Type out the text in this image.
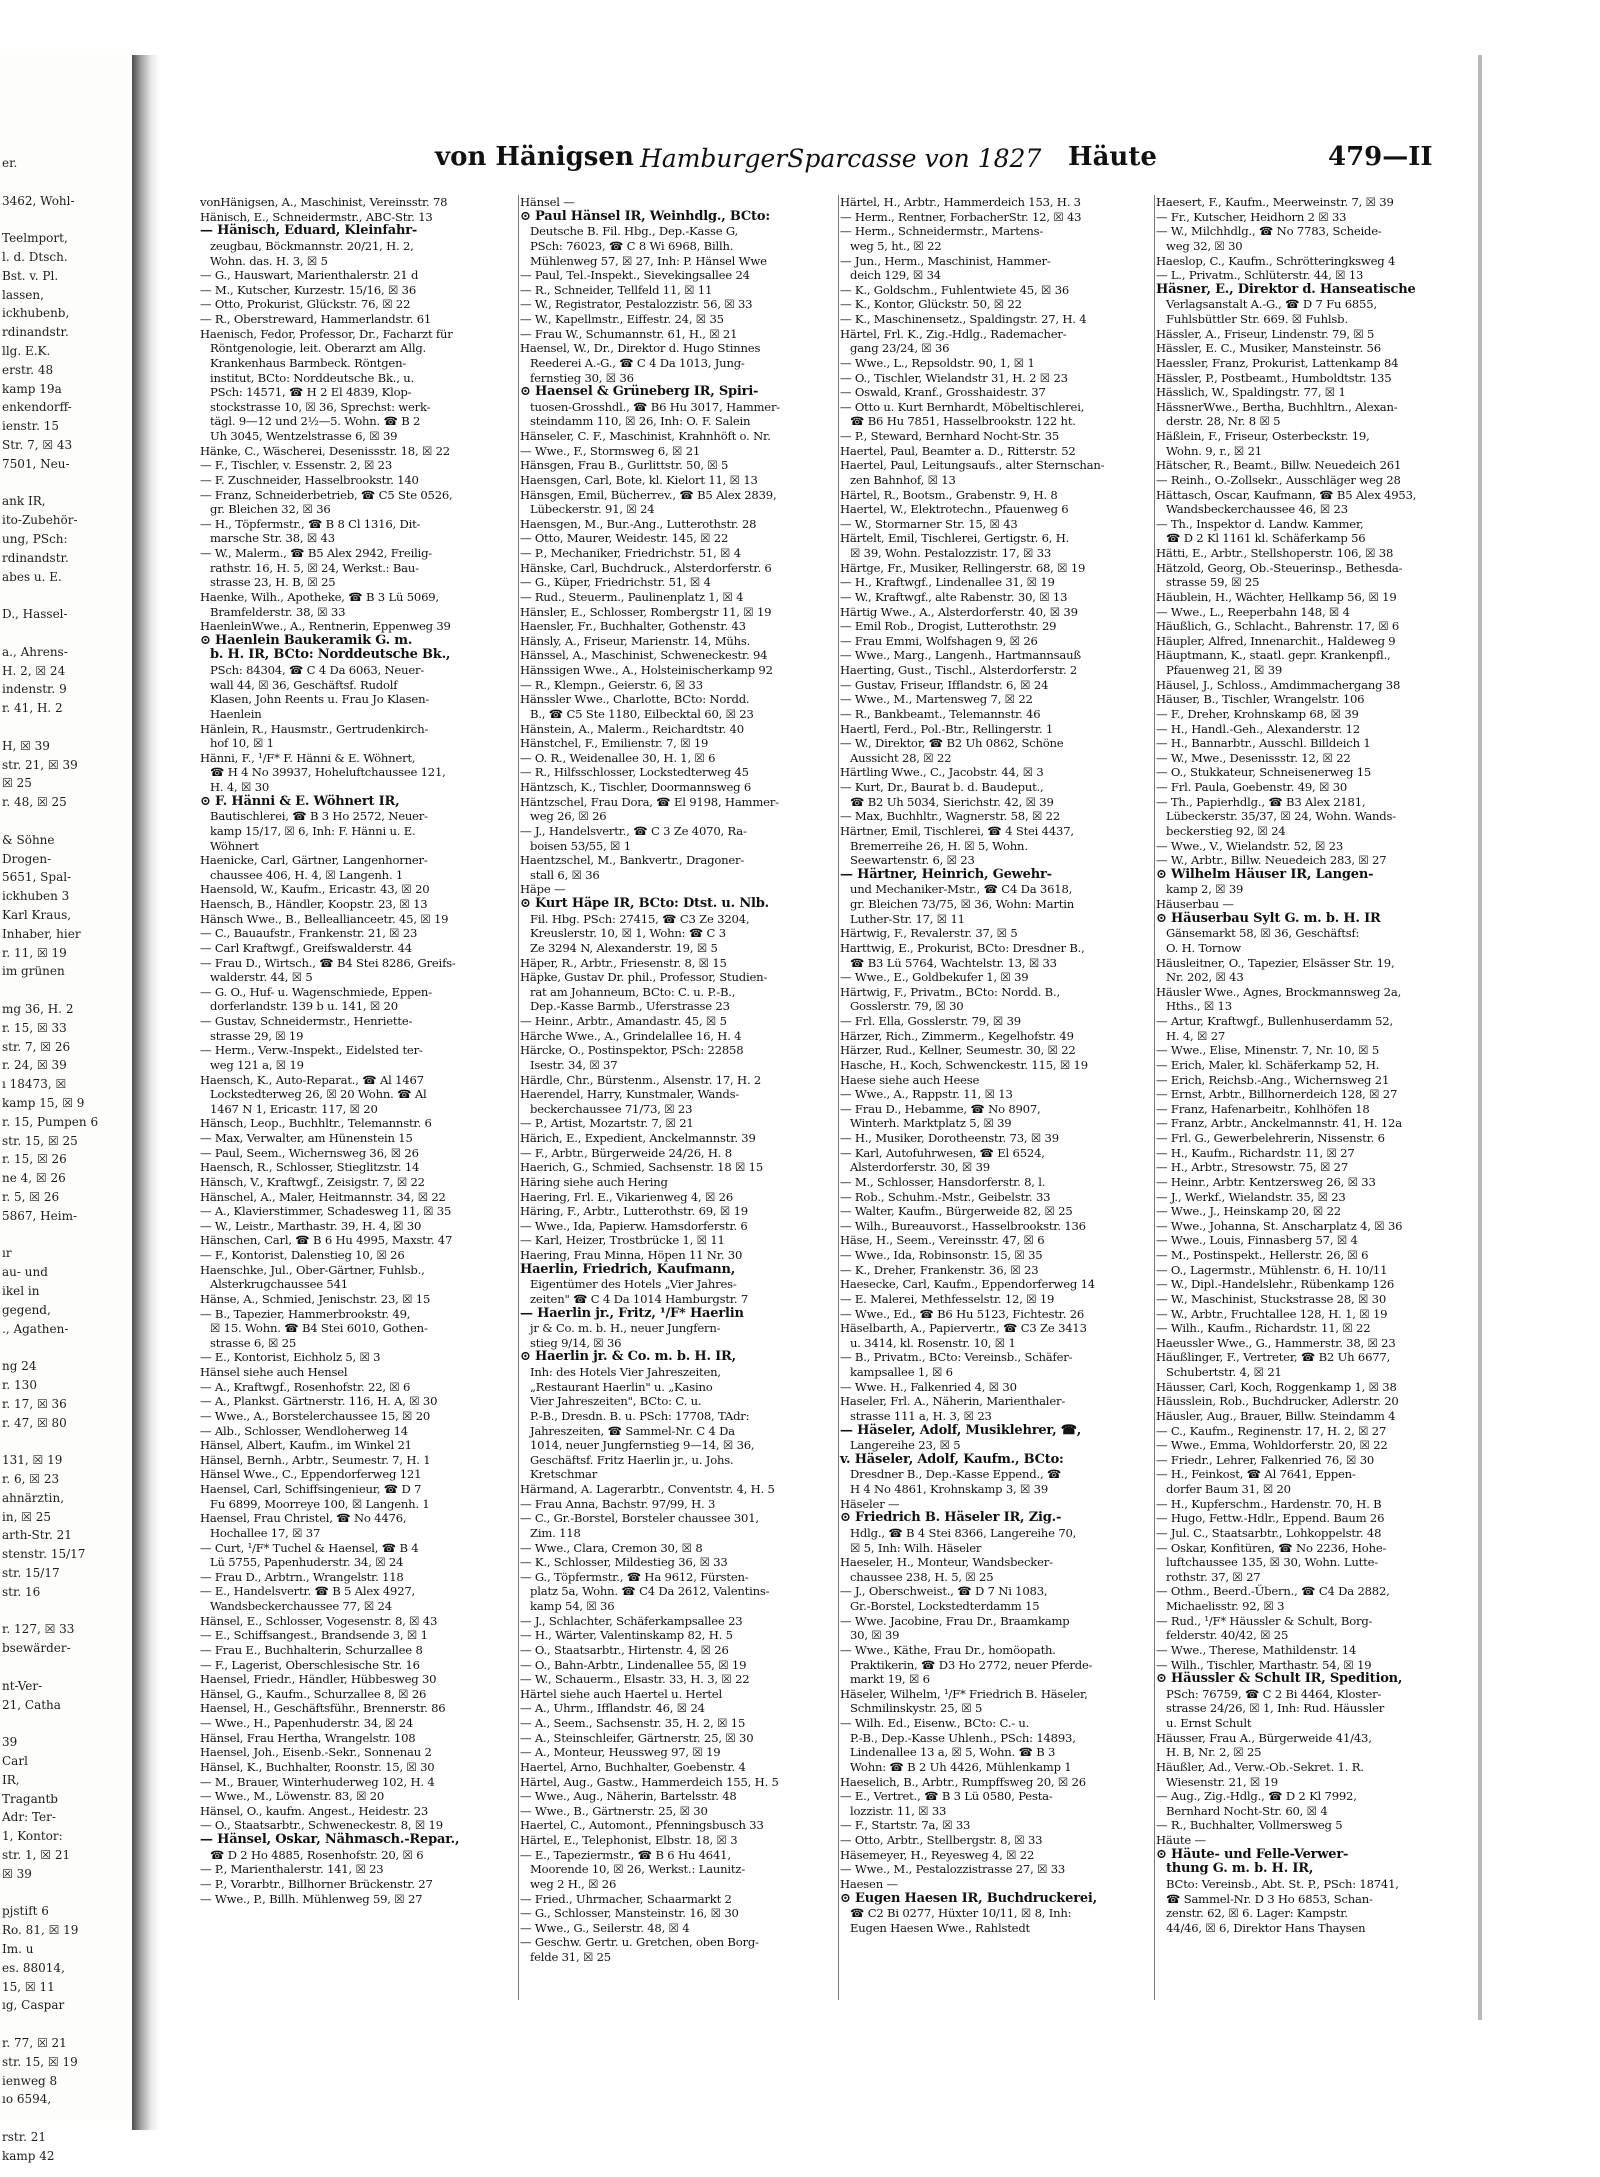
er.
3462, Wohl-
Teelmport,
l. d. Dtsch.
Bst. v. Pl.
lassen,
ickhubenb,
rdinandstr.
llg. E.K.
erstr. 48
kamp 19a
enkendorff-
ienstr. 15
Str. 7, ☒ 43
7501, Neu-
ank IR,
ito-Zubehör-
ung, PSch:
rdinandstr.
abes u. E.
D., Hassel-
a., Ahrens-
H. 2, ☒ 24
indenstr. 9
r. 41, H. 2
H, ☒ 39
str. 21, ☒ 39
☒ 25
r. 48, ☒ 25
& Söhne
Drogen-
5651, Spal-
ickhuben 3
Karl Kraus,
Inhaber, hier
r. 11, ☒ 19
im grünen
mg 36, H. 2
r. 15, ☒ 33
str. 7, ☒ 26
r. 24, ☒ 39
ı 18473, ☒
kamp 15, ☒ 9
r. 15, Pumpen 6
str. 15, ☒ 25
r. 15, ☒ 26
ne 4, ☒ 26
r. 5, ☒ 26
5867, Heim-
ır
au- und
ikel in
gegend,
., Agathen-
ng 24
r. 130
r. 17, ☒ 36
r. 47, ☒ 80
131, ☒ 19
r. 6, ☒ 23
ahnärztin,
in, ☒ 25
arth-Str. 21
stenstr. 15/17
str. 15/17
str. 16
r. 127, ☒ 33
bsewärder-
nt-Ver-
21, Catha
39
Carl
IR,
Tragantb
Adr: Ter-
1, Kontor:
str. 1, ☒ 21
☒ 39
pjstift 6
Ro. 81, ☒ 19
Im. u
es. 88014,
15, ☒ 11
ıg, Caspar
r. 77, ☒ 21
str. 15, ☒ 19
ienweg 8
ıo 6594,
rstr. 21
kamp 42
von Hänigsen HamburgerSparcasse von 1827 Häute	479—II
vonHänigsen, A., Maschinist, Vereinsstr. 78
Hänisch, E., Schneidermstr., ABC-Str. 13
— Hänisch, Eduard, Kleinfahr-
zeugbau, Böckmannstr. 20/21, H. 2,
Wohn. das. H. 3, ☒ 5
— G., Hauswart, Marienthalerstr. 21 d
— M., Kutscher, Kurzestr. 15/16, ☒ 36
— Otto, Prokurist, Glückstr. 76, ☒ 22
— R., Oberstreward, Hammerlandstr. 61
Haenisch, Fedor, Professor, Dr., Facharzt für
Röntgenologie, leit. Oberarzt am Allg.
Krankenhaus Barmbeck. Röntgen-
institut, BCto: Norddeutsche Bk., u.
PSch: 14571, ☎ H 2 El 4839, Klop-
stockstrasse 10, ☒ 36, Sprechst: werk-
tägl. 9—12 und 2½—5. Wohn. ☎ B 2
Uh 3045, Wentzelstrasse 6, ☒ 39
Hänke, C., Wäscherei, Desenissstr. 18, ☒ 22
— F., Tischler, v. Essenstr. 2, ☒ 23
— F. Zuschneider, Hasselbrookstr. 140
— Franz, Schneiderbetrieb, ☎ C5 Ste 0526,
gr. Bleichen 32, ☒ 36
— H., Töpfermstr., ☎ B 8 Cl 1316, Dit-
marsche Str. 38, ☒ 43
— W., Malerm., ☎ B5 Alex 2942, Freilig-
rathstr. 16, H. 5, ☒ 24, Werkst.: Bau-
strasse 23, H. B, ☒ 25
Haenke, Wilh., Apotheke, ☎ B 3 Lü 5069,
Bramfelderstr. 38, ☒ 33
HaenleinWwe., A., Rentnerin, Eppenweg 39
⊙ Haenlein Baukeramik G. m.
b. H. IR, BCto: Norddeutsche Bk.,
PSch: 84304, ☎ C 4 Da 6063, Neuer-
wall 44, ☒ 36, Geschäftsf. Rudolf
Klasen, John Reents u. Frau Jo Klasen-
Haenlein
Hänlein, R., Hausmstr., Gertrudenkirch-
hof 10, ☒ 1
Hänni, F., ¹/F* F. Hänni & E. Wöhnert,
☎ H 4 No 39937, Hoheluftchaussee 121,
H. 4, ☒ 30
⊙ F. Hänni & E. Wöhnert IR,
Bautischlerei, ☎ B 3 Ho 2572, Neuer-
kamp 15/17, ☒ 6, Inh: F. Hänni u. E.
Wöhnert
Haenicke, Carl, Gärtner, Langenhorner-
chaussee 406, H. 4, ☒ Langenh. 1
Haensold, W., Kaufm., Ericastr. 43, ☒ 20
Haensch, B., Händler, Koopstr. 23, ☒ 13
Hänsch Wwe., B., Belleallianceetr. 45, ☒ 19
— C., Bauaufstr., Frankenstr. 21, ☒ 23
— Carl Kraftwgf., Greifswalderstr. 44
— Frau D., Wirtsch., ☎ B4 Stei 8286, Greifs-
walderstr. 44, ☒ 5
— G. O., Huf- u. Wagenschmiede, Eppen-
dorferlandstr. 139 b u. 141, ☒ 20
— Gustav, Schneidermstr., Henriette-
strasse 29, ☒ 19
— Herm., Verw.-Inspekt., Eidelsted ter-
weg 121 a, ☒ 19
Haensch, K., Auto-Reparat., ☎ Al 1467
Lockstedterweg 26, ☒ 20 Wohn. ☎ Al
1467 N 1, Ericastr. 117, ☒ 20
Hänsch, Leop., Buchhltr., Telemannstr. 6
— Max, Verwalter, am Hünenstein 15
— Paul, Seem., Wichernsweg 36, ☒ 26
Haensch, R., Schlosser, Stieglitzstr. 14
Hänsch, V., Kraftwgf., Zeisigstr. 7, ☒ 22
Hänschel, A., Maler, Heitmannstr. 34, ☒ 22
— A., Klavierstimmer, Schadesweg 11, ☒ 35
— W., Leistr., Marthastr. 39, H. 4, ☒ 30
Hänschen, Carl, ☎ B 6 Hu 4995, Maxstr. 47
— F., Kontorist, Dalenstieg 10, ☒ 26
Haenschke, Jul., Ober-Gärtner, Fuhlsb.,
Alsterkrugchaussee 541
Hänse, A., Schmied, Jenischstr. 23, ☒ 15
— B., Tapezier, Hammerbrookstr. 49,
☒ 15. Wohn. ☎ B4 Stei 6010, Gothen-
strasse 6, ☒ 25
— E., Kontorist, Eichholz 5, ☒ 3
Hänsel siehe auch Hensel
— A., Kraftwgf., Rosenhofstr. 22, ☒ 6
— A., Plankst. Gärtnerstr. 116, H. A, ☒ 30
— Wwe., A., Borstelerchaussee 15, ☒ 20
— Alb., Schlosser, Wendloherweg 14
Hänsel, Albert, Kaufm., im Winkel 21
Hänsel, Bernh., Arbtr., Seumestr. 7, H. 1
Hänsel Wwe., C., Eppendorferweg 121
Haensel, Carl, Schiffsingenieur, ☎ D 7
Fu 6899, Moorreye 100, ☒ Langenh. 1
Haensel, Frau Christel, ☎ No 4476,
Hochallee 17, ☒ 37
— Curt, ¹/F* Tuchel & Haensel, ☎ B 4
Lü 5755, Papenhuderstr. 34, ☒ 24
— Frau D., Arbtrn., Wrangelstr. 118
— E., Handelsvertr. ☎ B 5 Alex 4927,
Wandsbeckerchaussee 77, ☒ 24
Hänsel, E., Schlosser, Vogesenstr. 8, ☒ 43
— E., Schiffsangest., Brandsende 3, ☒ 1
— Frau E., Buchhalterin, Schurzallee 8
— F., Lagerist, Oberschlesische Str. 16
Haensel, Friedr., Händler, Hübbesweg 30
Hänsel, G., Kaufm., Schurzallee 8, ☒ 26
Haensel, H., Geschäftsführ., Brennerstr. 86
— Wwe., H., Papenhuderstr. 34, ☒ 24
Hänsel, Frau Hertha, Wrangelstr. 108
Haensel, Joh., Eisenb.-Sekr., Sonnenau 2
Hänsel, K., Buchhalter, Roonstr. 15, ☒ 30
— M., Brauer, Winterhuderweg 102, H. 4
— Wwe., M., Löwenstr. 83, ☒ 20
Hänsel, O., kaufm. Angest., Heidestr. 23
— O., Staatsarbtr., Schweneckestr. 8, ☒ 19
— Hänsel, Oskar, Nähmasch.-Repar.,
☎ D 2 Ho 4885, Rosenhofstr. 20, ☒ 6
— P., Marienthalerstr. 141, ☒ 23
— P., Vorarbtr., Billhorner Brückenstr. 27
— Wwe., P., Billh. Mühlenweg 59, ☒ 27
Hänsel —
⊙ Paul Hänsel IR, Weinhdlg., BCto:
Deutsche B. Fil. Hbg., Dep.-Kasse G,
PSch: 76023, ☎ C 8 Wi 6968, Billh.
Mühlenweg 57, ☒ 27, Inh: P. Hänsel Wwe
— Paul, Tel.-Inspekt., Sievekingsallee 24
— R., Schneider, Tellfeld 11, ☒ 11
— W., Registrator, Pestalozzistr. 56, ☒ 33
— W., Kapellmstr., Eiffestr. 24, ☒ 35
— Frau W., Schumannstr. 61, H., ☒ 21
Haensel, W., Dr., Direktor d. Hugo Stinnes
Reederei A.-G., ☎ C 4 Da 1013, Jung-
fernstieg 30, ☒ 36
⊙ Haensel & Grüneberg IR, Spiri-
tuosen-Grosshdl., ☎ B6 Hu 3017, Hammer-
steindamm 110, ☒ 26, Inh: O. F. Salein
Hänseler, C. F., Maschinist, Krahnhöft o. Nr.
— Wwe., F., Stormsweg 6, ☒ 21
Hänsgen, Frau B., Gurlittstr. 50, ☒ 5
Haensgen, Carl, Bote, kl. Kielort 11, ☒ 13
Hänsgen, Emil, Bücherrev., ☎ B5 Alex 2839,
Lübeckerstr. 91, ☒ 24
Haensgen, M., Bur.-Ang., Lutterothstr. 28
— Otto, Maurer, Weidestr. 145, ☒ 22
— P., Mechaniker, Friedrichstr. 51, ☒ 4
Hänske, Carl, Buchdruck., Alsterdorferstr. 6
— G., Küper, Friedrichstr. 51, ☒ 4
— Rud., Steuerm., Paulinenplatz 1, ☒ 4
Hänsler, E., Schlosser, Rombergstr 11, ☒ 19
Haensler, Fr., Buchhalter, Gothenstr. 43
Hänsly, A., Friseur, Marienstr. 14, Mühs.
Hänssel, A., Maschinist, Schweneckestr. 94
Hänssigen Wwe., A., Holsteinischerkamp 92
— R., Klempn., Geierstr. 6, ☒ 33
Hänssler Wwe., Charlotte, BCto: Nordd.
B., ☎ C5 Ste 1180, Eilbecktal 60, ☒ 23
Hänstein, A., Malerm., Reichardtstr. 40
Hänstchel, F., Emilienstr. 7, ☒ 19
— O. R., Weidenallee 30, H. 1, ☒ 6
— R., Hilfsschlosser, Lockstedterweg 45
Häntzsch, K., Tischler, Doormannsweg 6
Häntzschel, Frau Dora, ☎ El 9198, Hammer-
weg 26, ☒ 26
— J., Handelsvertr., ☎ C 3 Ze 4070, Ra-
boisen 53/55, ☒ 1
Haentzschel, M., Bankvertr., Dragoner-
stall 6, ☒ 36
Häpe —
⊙ Kurt Häpe IR, BCto: Dtst. u. Nlb.
Fil. Hbg. PSch: 27415, ☎ C3 Ze 3204,
Kreuslerstr. 10, ☒ 1, Wohn: ☎ C 3
Ze 3294 N, Alexanderstr. 19, ☒ 5
Häper, R., Arbtr., Friesenstr. 8, ☒ 15
Häpke, Gustav Dr. phil., Professor, Studien-
rat am Johanneum, BCto: C. u. P.-B.,
Dep.-Kasse Barmb., Uferstrasse 23
— Heinr., Arbtr., Amandastr. 45, ☒ 5
Härche Wwe., A., Grindelallee 16, H. 4
Härcke, O., Postinspektor, PSch: 22858
Isestr. 34, ☒ 37
Härdle, Chr., Bürstenm., Alsenstr. 17, H. 2
Haerendel, Harry, Kunstmaler, Wands-
beckerchaussee 71/73, ☒ 23
— P., Artist, Mozartstr. 7, ☒ 21
Härich, E., Expedient, Anckelmannstr. 39
— F., Arbtr., Bürgerweide 24/26, H. 8
Haerich, G., Schmied, Sachsenstr. 18 ☒ 15
Häring siehe auch Hering
Haering, Frl. E., Vikarienweg 4, ☒ 26
Häring, F., Arbtr., Lutterothstr. 69, ☒ 19
— Wwe., Ida, Papierw. Hamsdorferstr. 6
— Karl, Heizer, Trostbrücke 1, ☒ 11
Haering, Frau Minna, Höpen 11 Nr. 30
Haerlin, Friedrich, Kaufmann,
Eigentümer des Hotels „Vier Jahres-
zeiten" ☎ C 4 Da 1014 Hamburgstr. 7
— Haerlin jr., Fritz, ¹/F* Haerlin
jr & Co. m. b. H., neuer Jungfern-
stieg 9/14, ☒ 36
⊙ Haerlin jr. & Co. m. b. H. IR,
Inh: des Hotels Vier Jahreszeiten,
„Restaurant Haerlin" u. „Kasino
Vier Jahreszeiten", BCto: C. u.
P.-B., Dresdn. B. u. PSch: 17708, TAdr:
Jahreszeiten, ☎ Sammel-Nr. C 4 Da
1014, neuer Jungfernstieg 9—14, ☒ 36,
Geschäftsf. Fritz Haerlin jr., u. Johs.
Kretschmar
Härmand, A. Lagerarbtr., Conventstr. 4, H. 5
— Frau Anna, Bachstr. 97/99, H. 3
— C., Gr.-Borstel, Borsteler chaussee 301,
Zim. 118
— Wwe., Clara, Cremon 30, ☒ 8
— K., Schlosser, Mildestieg 36, ☒ 33
— G., Töpfermstr., ☎ Ha 9612, Fürsten-
platz 5a, Wohn. ☎ C4 Da 2612, Valentins-
kamp 54, ☒ 36
— J., Schlachter, Schäferkampsallee 23
— H., Wärter, Valentinskamp 82, H. 5
— O., Staatsarbtr., Hirtenstr. 4, ☒ 26
— O., Bahn-Arbtr., Lindenallee 55, ☒ 19
— W., Schauerm., Elsastr. 33, H. 3, ☒ 22
Härtel siehe auch Haertel u. Hertel
— A., Uhrm., Ifflandstr. 46, ☒ 24
— A., Seem., Sachsenstr. 35, H. 2, ☒ 15
— A., Steinschleifer, Gärtnerstr. 25, ☒ 30
— A., Monteur, Heussweg 97, ☒ 19
Haertel, Arno, Buchhalter, Goebenstr. 4
Härtel, Aug., Gastw., Hammerdeich 155, H. 5
— Wwe., Aug., Näherin, Bartelsstr. 48
— Wwe., B., Gärtnerstr. 25, ☒ 30
Haertel, C., Automont., Pfenningsbusch 33
Härtel, E., Telephonist, Elbstr. 18, ☒ 3
— E., Tapeziermstr., ☎ B 6 Hu 4641,
Moorende 10, ☒ 26, Werkst.: Launitz-
weg 2 H., ☒ 26
— Fried., Uhrmacher, Schaarmarkt 2
— G., Schlosser, Mansteinstr. 16, ☒ 30
— Wwe., G., Seilerstr. 48, ☒ 4
— Geschw. Gertr. u. Gretchen, oben Borg-
felde 31, ☒ 25
Härtel, H., Arbtr., Hammerdeich 153, H. 3
— Herm., Rentner, ForbacherStr. 12, ☒ 43
— Herm., Schneidermstr., Martens-
weg 5, ht., ☒ 22
— Jun., Herm., Maschinist, Hammer-
deich 129, ☒ 34
— K., Goldschm., Fuhlentwiete 45, ☒ 36
— K., Kontor, Glückstr. 50, ☒ 22
— K., Maschinensetz., Spaldingstr. 27, H. 4
Härtel, Frl. K., Zig.-Hdlg., Rademacher-
gang 23/24, ☒ 36
— Wwe., L., Repsoldstr. 90, 1, ☒ 1
— O., Tischler, Wielandstr 31, H. 2 ☒ 23
— Oswald, Kranf., Grosshaidestr. 37
— Otto u. Kurt Bernhardt, Möbeltischlerei,
☎ B6 Hu 7851, Hasselbrookstr. 122 ht.
— P., Steward, Bernhard Nocht-Str. 35
Haertel, Paul, Beamter a. D., Ritterstr. 52
Haertel, Paul, Leitungsaufs., alter Sternschan-
zen Bahnhof, ☒ 13
Härtel, R., Bootsm., Grabenstr. 9, H. 8
Haertel, W., Elektrotechn., Pfauenweg 6
— W., Stormarner Str. 15, ☒ 43
Härtelt, Emil, Tischlerei, Gertigstr. 6, H.
☒ 39, Wohn. Pestalozzistr. 17, ☒ 33
Härtge, Fr., Musiker, Rellingerstr. 68, ☒ 19
— H., Kraftwgf., Lindenallee 31, ☒ 19
— W., Kraftwgf., alte Rabenstr. 30, ☒ 13
Härtig Wwe., A., Alsterdorferstr. 40, ☒ 39
— Emil Rob., Drogist, Lutterothstr. 29
— Frau Emmi, Wolfshagen 9, ☒ 26
— Wwe., Marg., Langenh., Hartmannsauß
Haerting, Gust., Tischl., Alsterdorferstr. 2
— Gustav, Friseur, Ifflandstr. 6, ☒ 24
— Wwe., M., Martensweg 7, ☒ 22
— R., Bankbeamt., Telemannstr. 46
Haertl, Ferd., Pol.-Btr., Rellingerstr. 1
— W., Direktor, ☎ B2 Uh 0862, Schöne
Aussicht 28, ☒ 22
Härtling Wwe., C., Jacobstr. 44, ☒ 3
— Kurt, Dr., Baurat b. d. Baudeput.,
☎ B2 Uh 5034, Sierichstr. 42, ☒ 39
— Max, Buchhltr., Wagnerstr. 58, ☒ 22
Härtner, Emil, Tischlerei, ☎ 4 Stei 4437,
Bremerreihe 26, H. ☒ 5, Wohn.
Seewartenstr. 6, ☒ 23
— Härtner, Heinrich, Gewehr-
und Mechaniker-Mstr., ☎ C4 Da 3618,
gr. Bleichen 73/75, ☒ 36, Wohn: Martin
Luther-Str. 17, ☒ 11
Härtwig, F., Revalerstr. 37, ☒ 5
Harttwig, E., Prokurist, BCto: Dresdner B.,
☎ B3 Lü 5764, Wachtelstr. 13, ☒ 33
— Wwe., E., Goldbekufer 1, ☒ 39
Härtwig, F., Privatm., BCto: Nordd. B.,
Gosslerstr. 79, ☒ 30
— Frl. Ella, Gosslerstr. 79, ☒ 39
Härzer, Rich., Zimmerm., Kegelhofstr. 49
Härzer, Rud., Kellner, Seumestr. 30, ☒ 22
Hasche, H., Koch, Schwenckestr. 115, ☒ 19
Haese siehe auch Heese
— Wwe., A., Rappstr. 11, ☒ 13
— Frau D., Hebamme, ☎ No 8907,
Winterh. Marktplatz 5, ☒ 39
— H., Musiker, Dorotheenstr. 73, ☒ 39
— Karl, Autofuhrwesen, ☎ El 6524,
Alsterdorferstr. 30, ☒ 39
— M., Schlosser, Hansdorferstr. 8, l.
— Rob., Schuhm.-Mstr., Geibelstr. 33
— Walter, Kaufm., Bürgerweide 82, ☒ 25
— Wilh., Bureauvorst., Hasselbrookstr. 136
Häse, H., Seem., Vereinsstr. 47, ☒ 6
— Wwe., Ida, Robinsonstr. 15, ☒ 35
— K., Dreher, Frankenstr. 36, ☒ 23
Haesecke, Carl, Kaufm., Eppendorferweg 14
— E. Malerei, Methfesselstr. 12, ☒ 19
— Wwe., Ed., ☎ B6 Hu 5123, Fichtestr. 26
Häselbarth, A., Papiervertr., ☎ C3 Ze 3413
u. 3414, kl. Rosenstr. 10, ☒ 1
— B., Privatm., BCto: Vereinsb., Schäfer-
kampsallee 1, ☒ 6
— Wwe. H., Falkenried 4, ☒ 30
Haseler, Frl. A., Näherin, Marienthaler-
strasse 111 a, H. 3, ☒ 23
— Häseler, Adolf, Musiklehrer, ☎,
Langereihe 23, ☒ 5
v. Häseler, Adolf, Kaufm., BCto:
Dresdner B., Dep.-Kasse Eppend., ☎
H 4 No 4861, Krohnskamp 3, ☒ 39
Häseler —
⊙ Friedrich B. Häseler IR, Zig.-
Hdlg., ☎ B 4 Stei 8366, Langereihe 70,
☒ 5, Inh: Wilh. Häseler
Haeseler, H., Monteur, Wandsbecker-
chaussee 238, H. 5, ☒ 25
— J., Oberschweist., ☎ D 7 Ni 1083,
Gr.-Borstel, Lockstedterdamm 15
— Wwe. Jacobine, Frau Dr., Braamkamp
30, ☒ 39
— Wwe., Käthe, Frau Dr., homöopath.
Praktikerin, ☎ D3 Ho 2772, neuer Pferde-
markt 19, ☒ 6
Häseler, Wilhelm, ¹/F* Friedrich B. Häseler,
Schmilinskystr. 25, ☒ 5
— Wilh. Ed., Eisenw., BCto: C.- u.
P.-B., Dep.-Kasse Uhlenh., PSch: 14893,
Lindenallee 13 a, ☒ 5, Wohn. ☎ B 3
Wohn: ☎ B 2 Uh 4426, Mühlenkamp 1
Haeselich, B., Arbtr., Rumpffsweg 20, ☒ 26
— E., Vertret., ☎ B 3 Lü 0580, Pesta-
lozzistr. 11, ☒ 33
— F., Startstr. 7a, ☒ 33
— Otto, Arbtr., Stellbergstr. 8, ☒ 33
Häsemeyer, H., Reyesweg 4, ☒ 22
— Wwe., M., Pestalozzistrasse 27, ☒ 33
Haesen —
⊙ Eugen Haesen IR, Buchdruckerei,
☎ C2 Bi 0277, Hüxter 10/11, ☒ 8, Inh:
Eugen Haesen Wwe., Rahlstedt
Haesert, F., Kaufm., Meerweinstr. 7, ☒ 39
— Fr., Kutscher, Heidhorn 2 ☒ 33
— W., Milchhdlg., ☎ No 7783, Scheide-
weg 32, ☒ 30
Haeslop, C., Kaufm., Schrötteringksweg 4
— L., Privatm., Schlüterstr. 44, ☒ 13
Häsner, E., Direktor d. Hanseatische
Verlagsanstalt A.-G., ☎ D 7 Fu 6855,
Fuhlsbüttler Str. 669. ☒ Fuhlsb.
Hässler, A., Friseur, Lindenstr. 79, ☒ 5
Hässler, E. C., Musiker, Mansteinstr. 56
Haessler, Franz, Prokurist, Lattenkamp 84
Hässler, P., Postbeamt., Humboldtstr. 135
Hässlich, W., Spaldingstr. 77, ☒ 1
HässnerWwe., Bertha, Buchhltrn., Alexan-
derstr. 28, Nr. 8 ☒ 5
Häßlein, F., Friseur, Osterbeckstr. 19,
Wohn. 9, r., ☒ 21
Hätscher, R., Beamt., Billw. Neuedeich 261
— Reinh., O.-Zollsekr., Ausschläger weg 28
Hättasch, Oscar, Kaufmann, ☎ B5 Alex 4953,
Wandsbeckerchaussee 46, ☒ 23
— Th., Inspektor d. Landw. Kammer,
☎ D 2 Kl 1161 kl. Schäferkamp 56
Hätti, E., Arbtr., Stellshoperstr. 106, ☒ 38
Hätzold, Georg, Ob.-Steuerinsp., Bethesda-
strasse 59, ☒ 25
Häublein, H., Wächter, Hellkamp 56, ☒ 19
— Wwe., L., Reeperbahn 148, ☒ 4
Häußlich, G., Schlacht., Bahrenstr. 17, ☒ 6
Häupler, Alfred, Innenarchit., Haldeweg 9
Häuptmann, K., staatl. gepr. Krankenpfl.,
Pfauenweg 21, ☒ 39
Häusel, J., Schloss., Amdimmachergang 38
Häuser, B., Tischler, Wrangelstr. 106
— F., Dreher, Krohnskamp 68, ☒ 39
— H., Handl.-Geh., Alexanderstr. 12
— H., Bannarbtr., Ausschl. Billdeich 1
— W., Mwe., Desenissstr. 12, ☒ 22
— O., Stukkateur, Schneisenerweg 15
— Frl. Paula, Goebenstr. 49, ☒ 30
— Th., Papierhdlg., ☎ B3 Alex 2181,
Lübeckerstr. 35/37, ☒ 24, Wohn. Wands-
beckerstieg 92, ☒ 24
— Wwe., V., Wielandstr. 52, ☒ 23
— W., Arbtr., Billw. Neuedeich 283, ☒ 27
⊙ Wilhelm Häuser IR, Langen-
kamp 2, ☒ 39
Häuserbau —
⊙ Häuserbau Sylt G. m. b. H. IR
Gänsemarkt 58, ☒ 36, Geschäftsf:
O. H. Tornow
Häusleitner, O., Tapezier, Elsässer Str. 19,
Nr. 202, ☒ 43
Häusler Wwe., Agnes, Brockmannsweg 2a,
Hths., ☒ 13
— Artur, Kraftwgf., Bullenhuserdamm 52,
H. 4, ☒ 27
— Wwe., Elise, Minenstr. 7, Nr. 10, ☒ 5
— Erich, Maler, kl. Schäferkamp 52, H.
— Erich, Reichsb.-Ang., Wichernsweg 21
— Ernst, Arbtr., Billhornerdeich 128, ☒ 27
— Franz, Hafenarbeitr., Kohlhöfen 18
— Franz, Arbtr., Anckelmannstr. 41, H. 12a
— Frl. G., Gewerbelehrerin, Nissenstr. 6
— H., Kaufm., Richardstr. 11, ☒ 27
— H., Arbtr., Stresowstr. 75, ☒ 27
— Heinr., Arbtr. Kentzersweg 26, ☒ 33
— J., Werkf., Wielandstr. 35, ☒ 23
— Wwe., J., Heinskamp 20, ☒ 22
— Wwe., Johanna, St. Anscharplatz 4, ☒ 36
— Wwe., Louis, Finnasberg 57, ☒ 4
— M., Postinspekt., Hellerstr. 26, ☒ 6
— O., Lagermstr., Mühlenstr. 6, H. 10/11
— W., Dipl.-Handelslehr., Rübenkamp 126
— W., Maschinist, Stuckstrasse 28, ☒ 30
— W., Arbtr., Fruchtallee 128, H. 1, ☒ 19
— Wilh., Kaufm., Richardstr. 11, ☒ 22
Haeussler Wwe., G., Hammerstr. 38, ☒ 23
Häußlinger, F., Vertreter, ☎ B2 Uh 6677,
Schubertstr. 4, ☒ 21
Häusser, Carl, Koch, Roggenkamp 1, ☒ 38
Häusslein, Rob., Buchdrucker, Adlerstr. 20
Häusler, Aug., Brauer, Billw. Steindamm 4
— C., Kaufm., Reginenstr. 17, H. 2, ☒ 27
— Wwe., Emma, Wohldorferstr. 20, ☒ 22
— Friedr., Lehrer, Falkenried 76, ☒ 30
— H., Feinkost, ☎ Al 7641, Eppen-
dorfer Baum 31, ☒ 20
— H., Kupferschm., Hardenstr. 70, H. B
— Hugo, Fettw.-Hdlr., Eppend. Baum 26
— Jul. C., Staatsarbtr., Lohkoppelstr. 48
— Oskar, Konfitüren, ☎ No 2236, Hohe-
luftchaussee 135, ☒ 30, Wohn. Lutte-
rothstr. 37, ☒ 27
— Othm., Beerd.-Übern., ☎ C4 Da 2882,
Michaelisstr. 92, ☒ 3
— Rud., ¹/F* Häussler & Schult, Borg-
felderstr. 40/42, ☒ 25
— Wwe., Therese, Mathildenstr. 14
— Wilh., Tischler, Marthastr. 54, ☒ 19
⊙ Häussler & Schult IR, Spedition,
PSch: 76759, ☎ C 2 Bi 4464, Kloster-
strasse 24/26, ☒ 1, Inh: Rud. Häussler
u. Ernst Schult
Häusser, Frau A., Bürgerweide 41/43,
H. B, Nr. 2, ☒ 25
Häußler, Ad., Verw.-Ob.-Sekret. 1. R.
Wiesenstr. 21, ☒ 19
— Aug., Zig.-Hdlg., ☎ D 2 Kl 7992,
Bernhard Nocht-Str. 60, ☒ 4
— R., Buchhalter, Vollmersweg 5
Häute —
⊙ Häute- und Felle-Verwer-
thung G. m. b. H. IR,
BCto: Vereinsb., Abt. St. P., PSch: 18741,
☎ Sammel-Nr. D 3 Ho 6853, Schan-
zenstr. 62, ☒ 6. Lager: Kampstr.
44/46, ☒ 6, Direktor Hans Thaysen
